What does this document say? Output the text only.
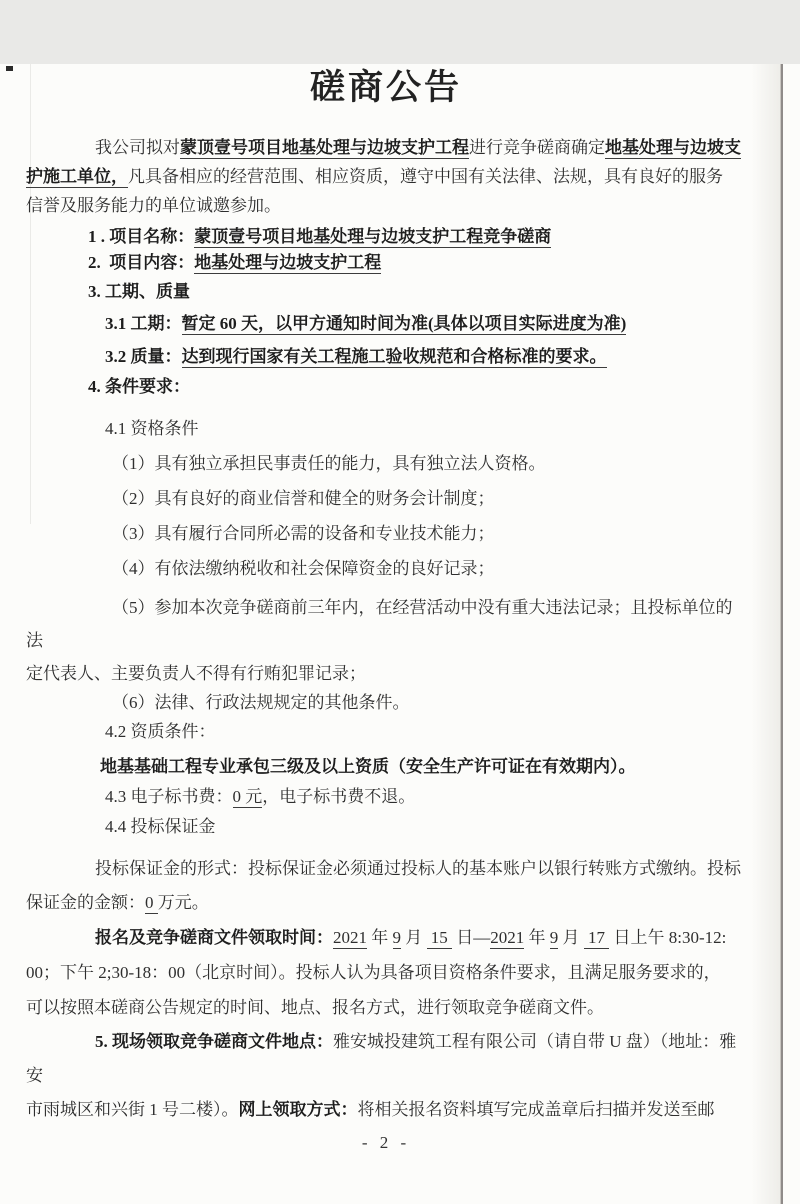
磋商公告

我公司拟对蒙顶壹号项目地基处理与边坡支护工程进行竞争磋商确定地基处理与边坡支

护施工单位，凡具备相应的经营范围、相应资质，遵守中国有关法律、法规，具有良好的服务

信誉及服务能力的单位诚邀参加。

1 . 项目名称：蒙顶壹号项目地基处理与边坡支护工程竞争磋商

2.  项目内容：地基处理与边坡支护工程

3. 工期、质量

3.1 工期：暂定 60 天，以甲方通知时间为准(具体以项目实际进度为准)

3.2 质量：达到现行国家有关工程施工验收规范和合格标准的要求。

4. 条件要求：

4.1 资格条件

（1）具有独立承担民事责任的能力，具有独立法人资格。

（2）具有良好的商业信誉和健全的财务会计制度；

（3）具有履行合同所必需的设备和专业技术能力；

（4）有依法缴纳税收和社会保障资金的良好记录；

（5）参加本次竞争磋商前三年内，在经营活动中没有重大违法记录；且投标单位的法

定代表人、主要负责人不得有行贿犯罪记录；

（6）法律、行政法规规定的其他条件。

4.2 资质条件：

地基基础工程专业承包三级及以上资质（安全生产许可证在有效期内）。

4.3 电子标书费：0 元，电子标书费不退。

4.4 投标保证金

投标保证金的形式：投标保证金必须通过投标人的基本账户以银行转账方式缴纳。投标

保证金的金额：0 万元。

报名及竞争磋商文件领取时间：2021 年 9 月  15  日—2021 年 9 月  17  日上午 8:30-12:

00；下午 2;30-18：00（北京时间）。投标人认为具备项目资格条件要求，且满足服务要求的，

可以按照本磋商公告规定的时间、地点、报名方式，进行领取竞争磋商文件。

5. 现场领取竞争磋商文件地点：雅安城投建筑工程有限公司（请自带 U 盘）（地址：雅安

市雨城区和兴街 1 号二楼）。网上领取方式：将相关报名资料填写完成盖章后扫描并发送至邮

- 2 -
